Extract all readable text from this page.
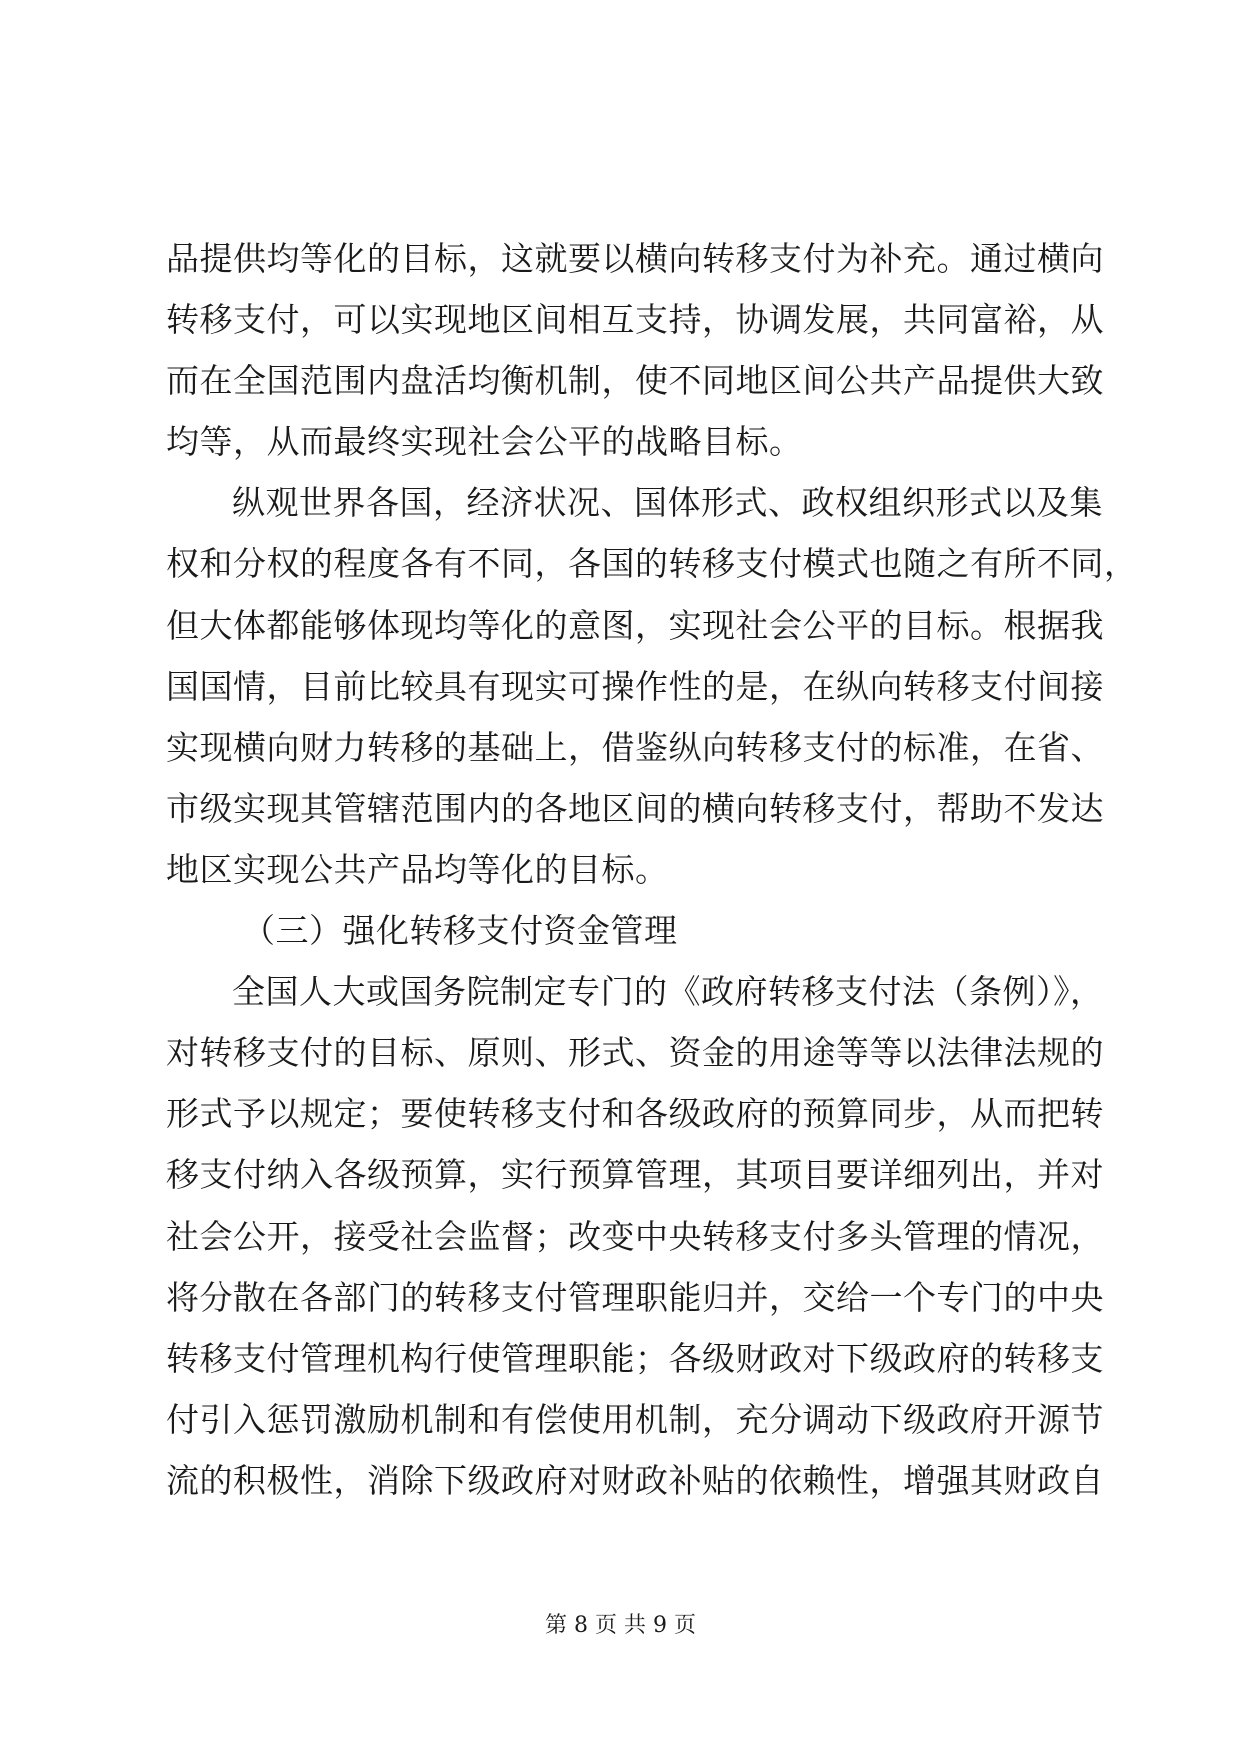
品提供均等化的目标，这就要以横向转移支付为补充。通过横向
转移支付，可以实现地区间相互支持，协调发展，共同富裕，从
而在全国范围内盘活均衡机制，使不同地区间公共产品提供大致
均等，从而最终实现社会公平的战略目标。
纵观世界各国，经济状况、国体形式、政权组织形式以及集
权和分权的程度各有不同，各国的转移支付模式也随之有所不同，
但大体都能够体现均等化的意图，实现社会公平的目标。根据我
国国情，目前比较具有现实可操作性的是，在纵向转移支付间接
实现横向财力转移的基础上，借鉴纵向转移支付的标准，在省、
市级实现其管辖范围内的各地区间的横向转移支付，帮助不发达
地区实现公共产品均等化的目标。
（三）强化转移支付资金管理
全国人大或国务院制定专门的《政府转移支付法（条例）》，
对转移支付的目标、原则、形式、资金的用途等等以法律法规的
形式予以规定；要使转移支付和各级政府的预算同步，从而把转
移支付纳入各级预算，实行预算管理，其项目要详细列出，并对
社会公开，接受社会监督；改变中央转移支付多头管理的情况，
将分散在各部门的转移支付管理职能归并，交给一个专门的中央
转移支付管理机构行使管理职能；各级财政对下级政府的转移支
付引入惩罚激励机制和有偿使用机制，充分调动下级政府开源节
流的积极性，消除下级政府对财政补贴的依赖性，增强其财政自
第 8 页 共 9 页
